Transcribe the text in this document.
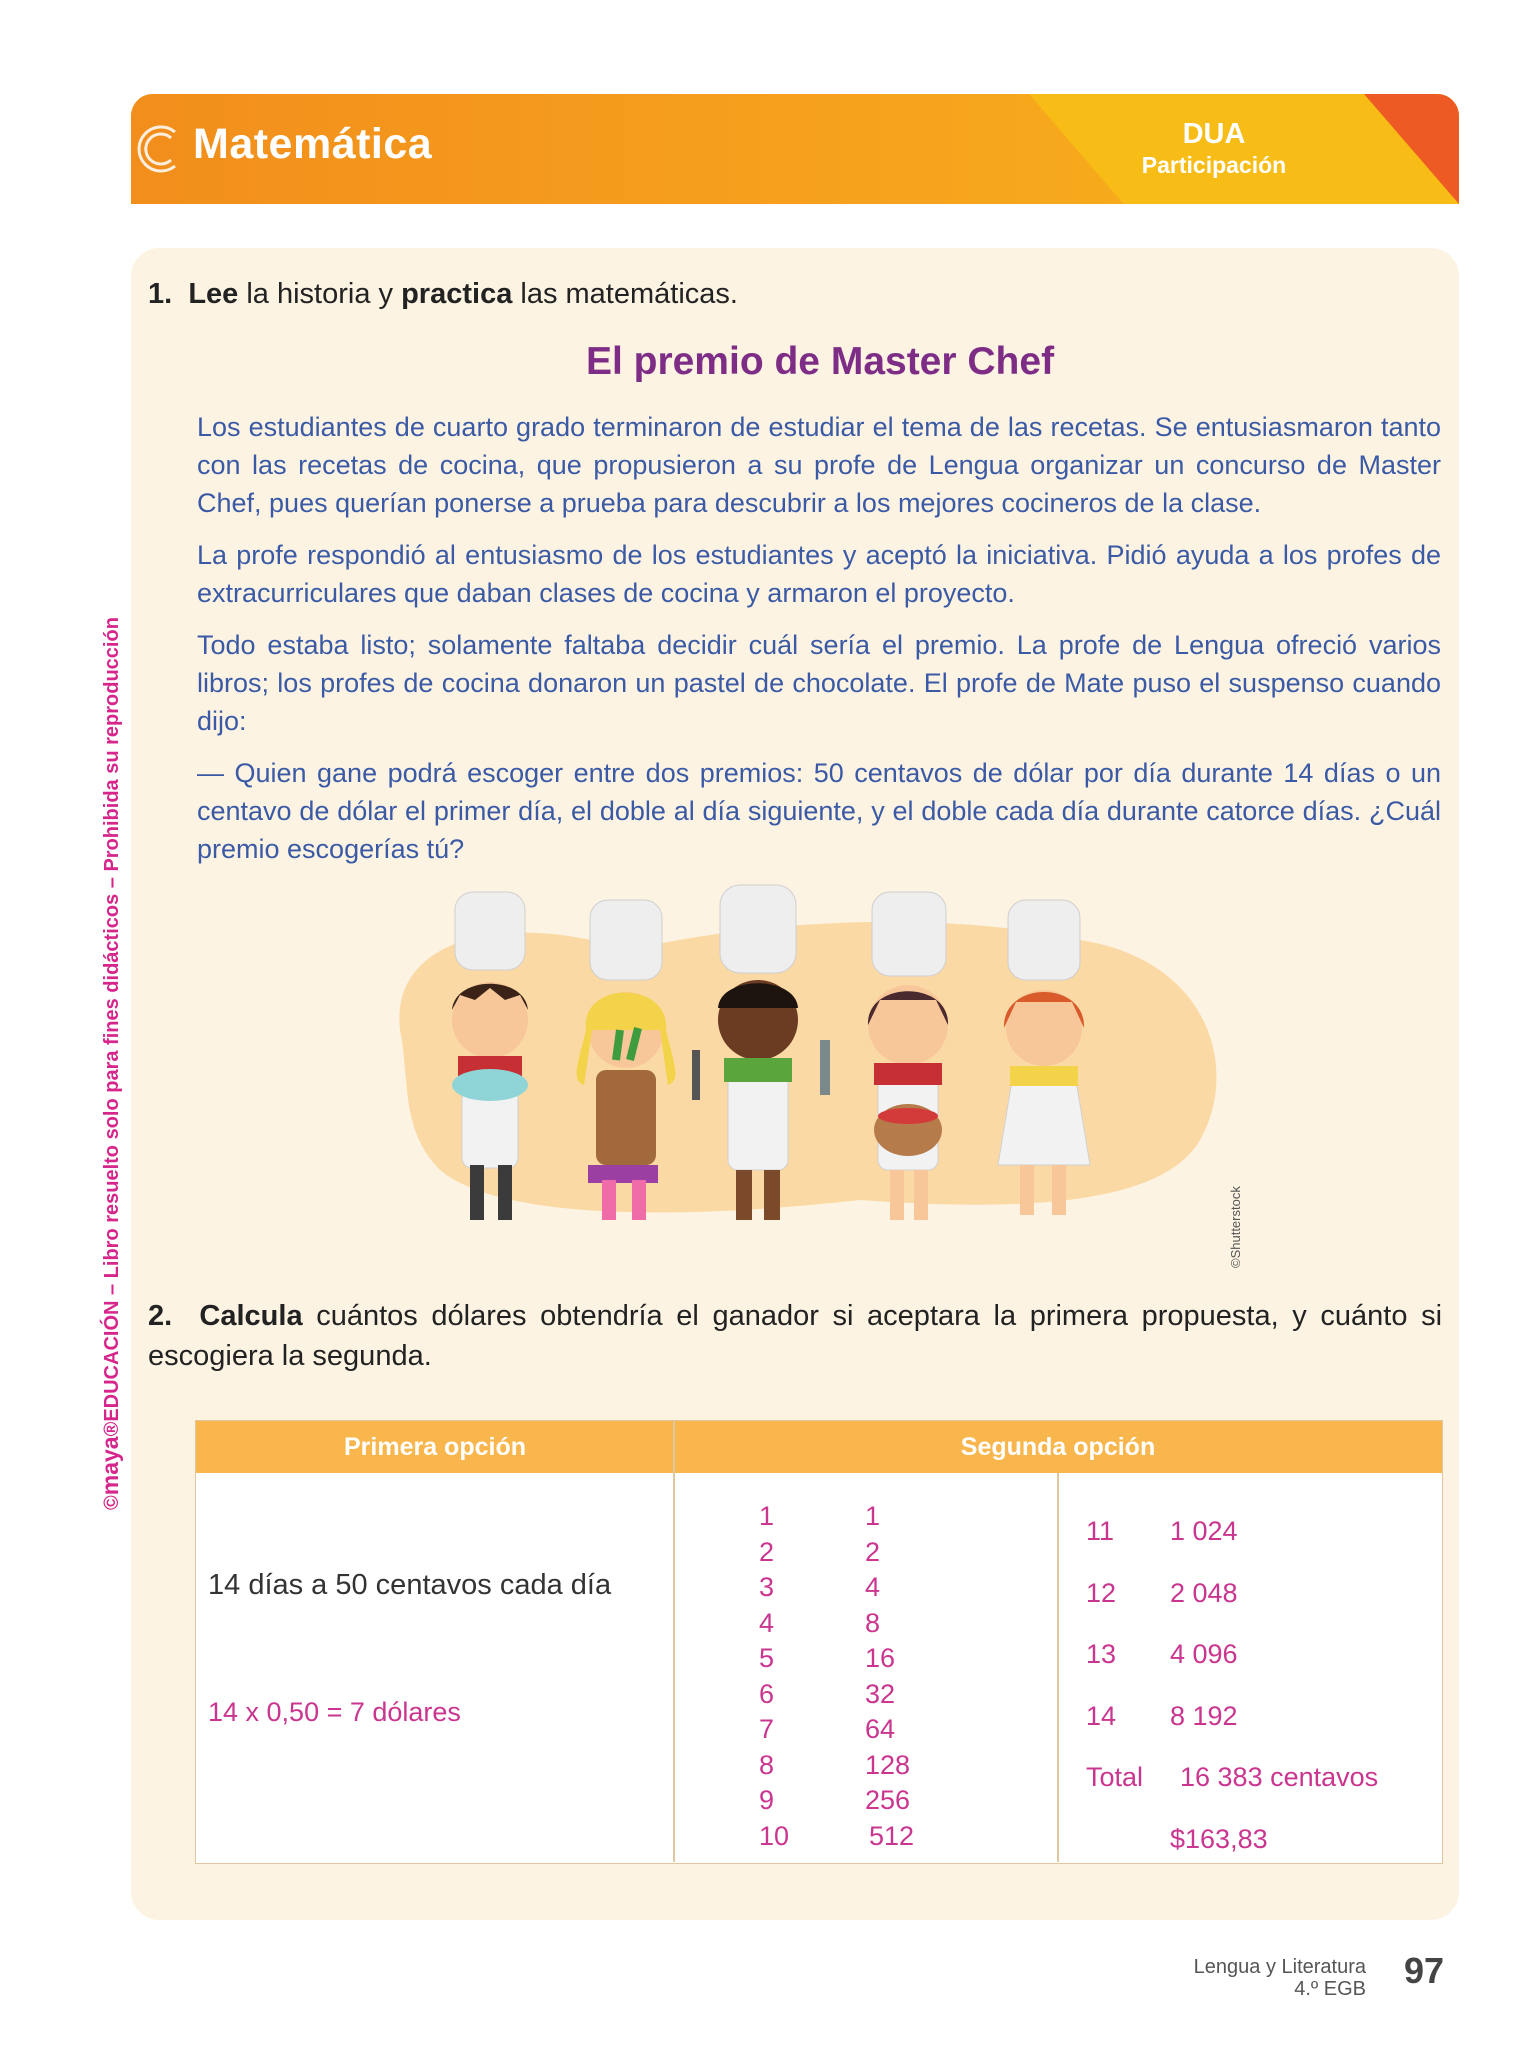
Matemática	DUA
Participación
©maya®EDUCACIÓN – Libro resuelto solo para fines didácticos – Prohibida su reproducción
1. Lee la historia y practica las matemáticas.
El premio de Master Chef

Los estudiantes de cuarto grado terminaron de estudiar el tema de las recetas. Se entusiasmaron tanto con las recetas de cocina, que propusieron a su profe de Lengua organizar un concurso de Master Chef, pues querían ponerse a prueba para descubrir a los mejores cocineros de la clase.

La profe respondió al entusiasmo de los estudiantes y aceptó la iniciativa. Pidió ayuda a los profes de extracurriculares que daban clases de cocina y armaron el proyecto.

Todo estaba listo; solamente faltaba decidir cuál sería el premio. La profe de Lengua ofreció varios libros; los profes de cocina donaron un pastel de chocolate. El profe de Mate puso el suspenso cuando dijo:

— Quien gane podrá escoger entre dos premios: 50 centavos de dólar por día durante 14 días o un centavo de dólar el primer día, el doble al día siguiente, y el doble cada día durante catorce días. ¿Cuál premio escogerías tú?

©Shutterstock
2. Calcula cuántos dólares obtendría el ganador si aceptara la primera propuesta, y cuánto si escogiera la segunda.
Primera opción	Segunda opción
14 días a 50 centavos cada día
14 x 0,50 = 7 dólares
1
2
3
4
5
6
7
8
9
10
1
2
4
8
16
32
64
128
256
512
11 1 024
12 2 048
13 4 096
14 8 192
Total 16 383 centavos
$163,83
Lengua y Literatura
4.º EGB 97
